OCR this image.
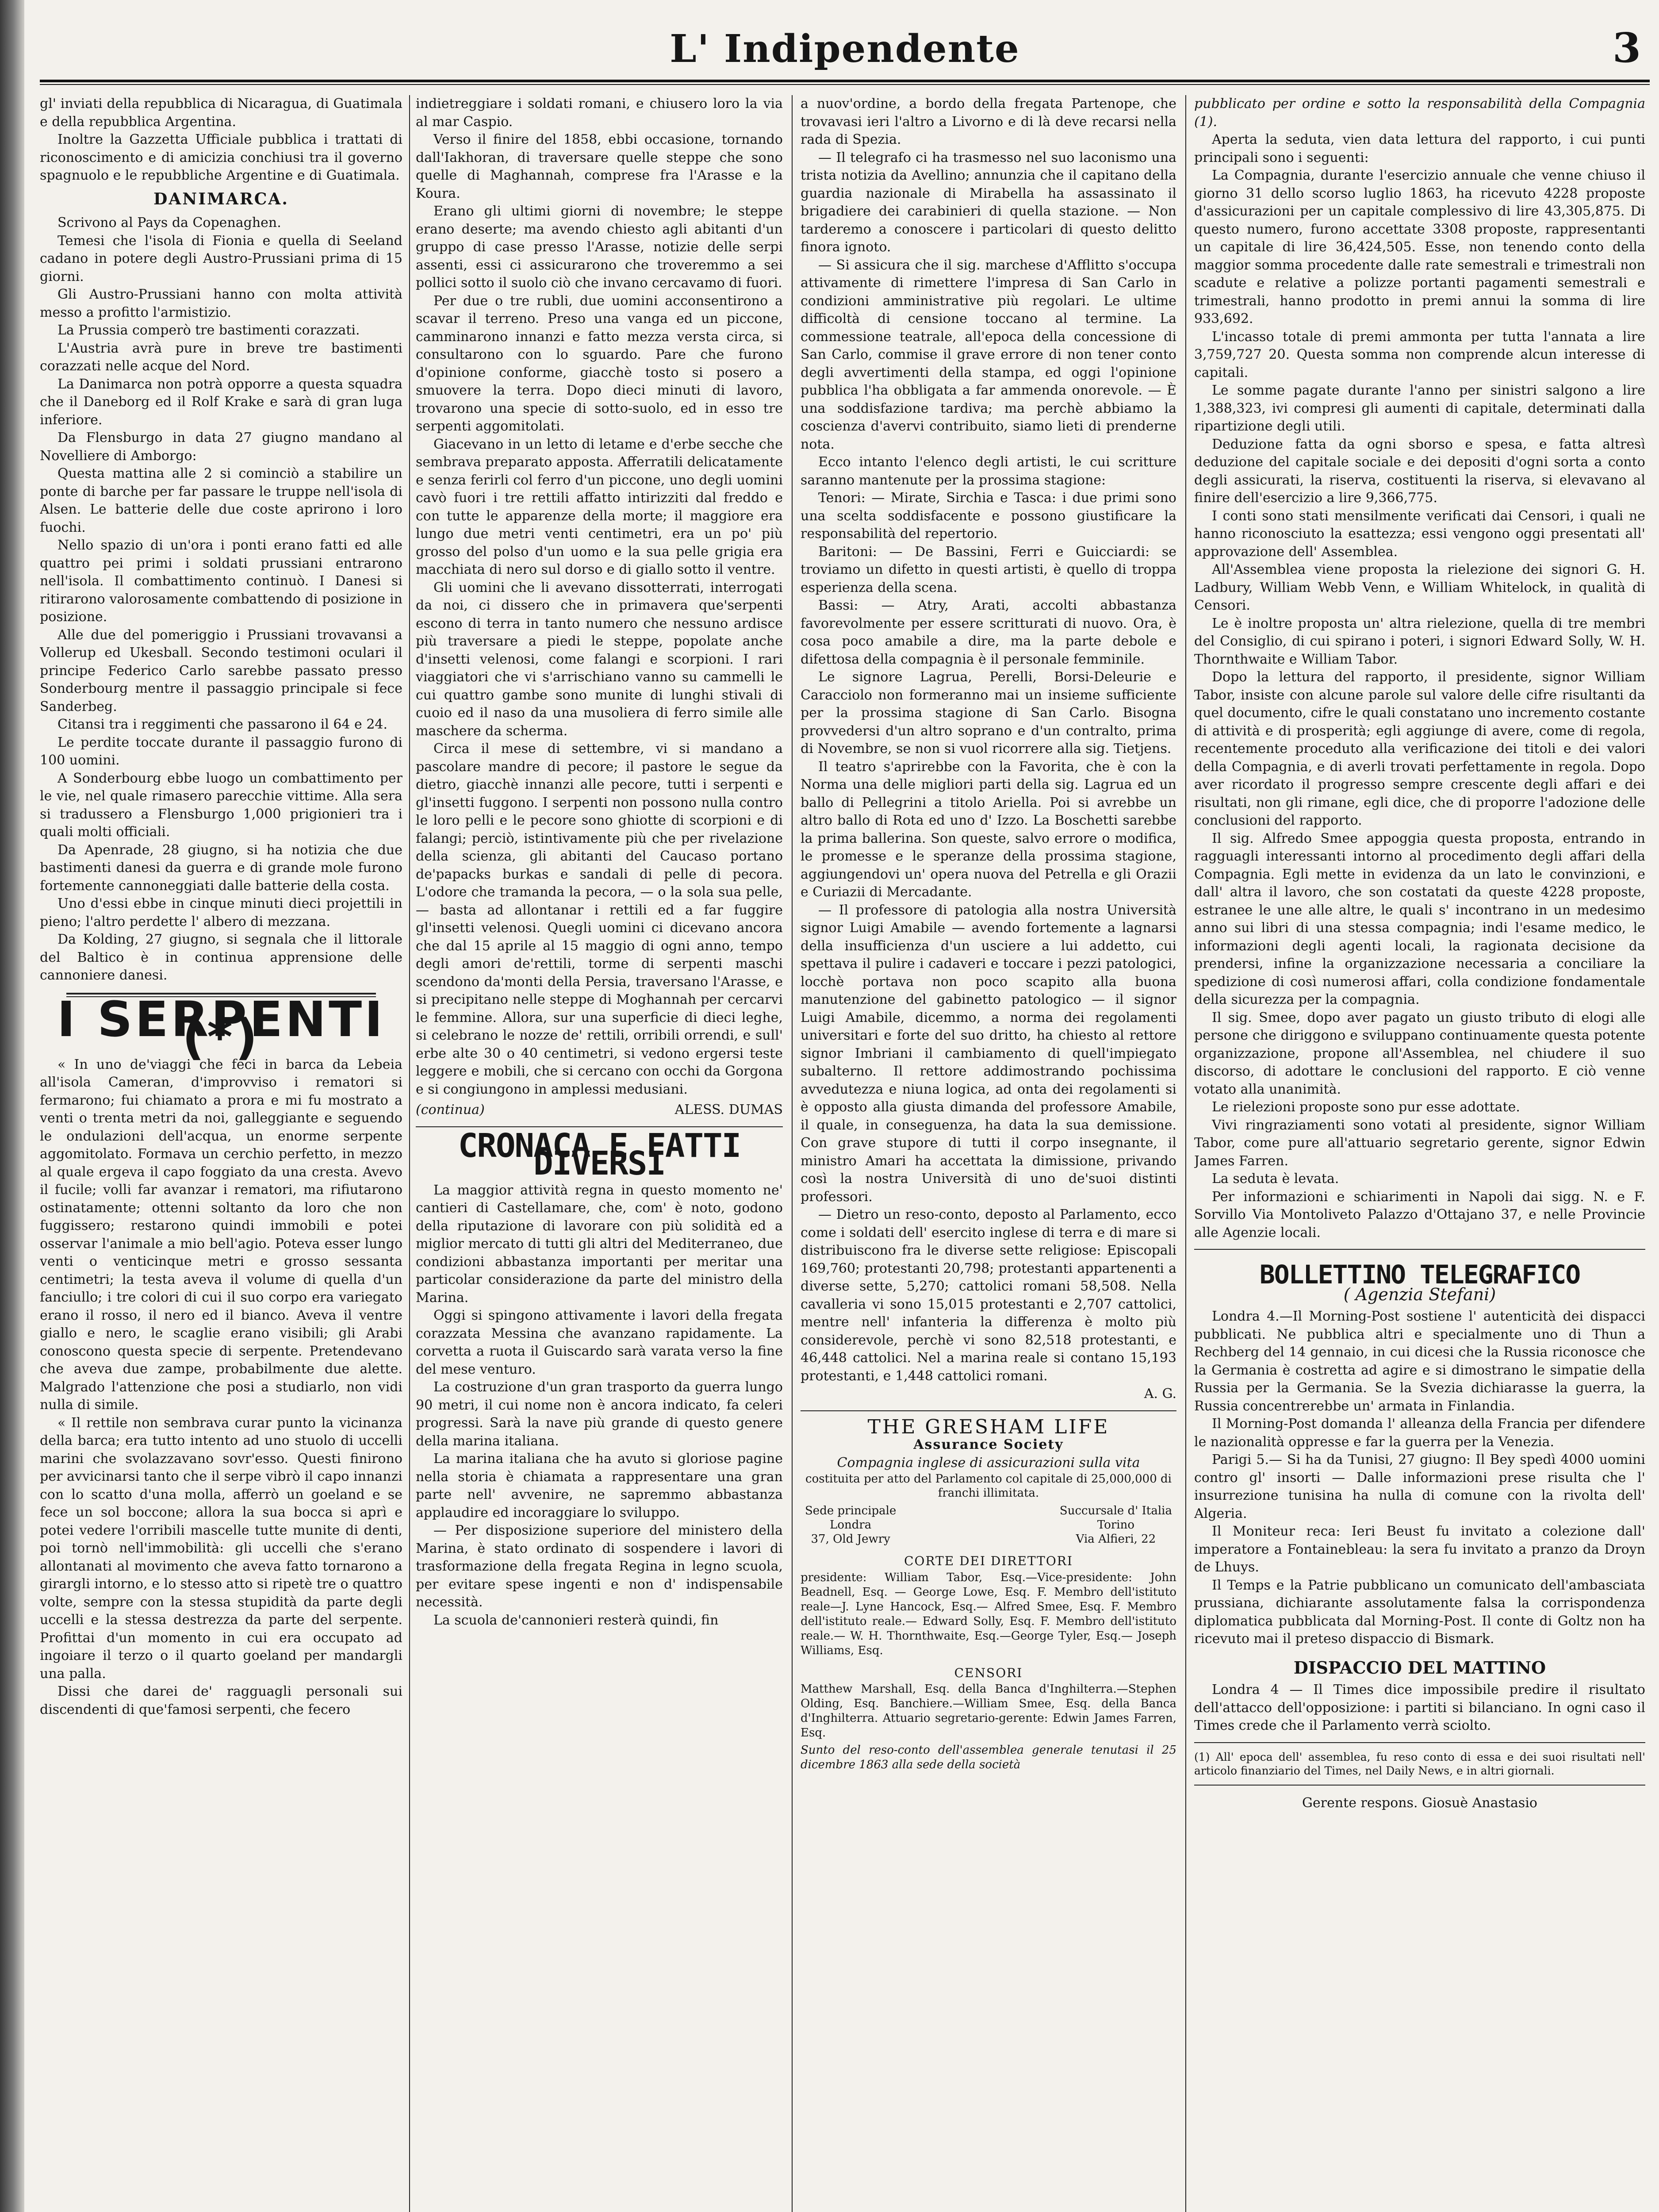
L' Indipendente	3

gl' inviati della repubblica di Nicaragua, di Guatimala e della repubblica Argentina.

Inoltre la Gazzetta Ufficiale pubblica i trattati di riconoscimento e di amicizia conchiusi tra il governo spagnuolo e le repubbliche Argentine e di Guatimala.

DANIMARCA.

Scrivono al Pays da Copenaghen.

Temesi che l'isola di Fionia e quella di Seeland cadano in potere degli Austro-Prussiani prima di 15 giorni.

Gli Austro-Prussiani hanno con molta attività messo a profitto l'armistizio.

La Prussia comperò tre bastimenti corazzati.

L'Austria avrà pure in breve tre bastimenti corazzati nelle acque del Nord.

La Danimarca non potrà opporre a questa squadra che il Daneborg ed il Rolf Krake e sarà di gran luga inferiore.

Da Flensburgo in data 27 giugno mandano al Novelliere di Amborgo:

Questa mattina alle 2 si cominciò a stabilire un ponte di barche per far passare le truppe nell'isola di Alsen. Le batterie delle due coste aprirono i loro fuochi.

Nello spazio di un'ora i ponti erano fatti ed alle quattro pei primi i soldati prussiani entrarono nell'isola. Il combattimento continuò. I Danesi si ritirarono valorosamente combattendo di posizione in posizione.

Alle due del pomeriggio i Prussiani trovavansi a Vollerup ed Ukesball. Secondo testimoni oculari il principe Federico Carlo sarebbe passato presso Sonderbourg mentre il passaggio principale si fece Sanderbeg.

Citansi tra i reggimenti che passarono il 64 e 24.

Le perdite toccate durante il passaggio furono di 100 uomini.

A Sonderbourg ebbe luogo un combattimento per le vie, nel quale rimasero parecchie vittime. Alla sera si tradussero a Flensburgo 1,000 prigionieri tra i quali molti officiali.

Da Apenrade, 28 giugno, si ha notizia che due bastimenti danesi da guerra e di grande mole furono fortemente cannoneggiati dalle batterie della costa.

Uno d'essi ebbe in cinque minuti dieci projettili in pieno; l'altro perdette l' albero di mezzana.

Da Kolding, 27 giugno, si segnala che il littorale del Baltico è in continua apprensione delle cannoniere danesi.

I SERPENTI (*)

« In uno de'viaggi che feci in barca da Lebeia all'isola Cameran, d'improvviso i rematori si fermarono; fui chiamato a prora e mi fu mostrato a venti o trenta metri da noi, galleggiante e seguendo le ondulazioni dell'acqua, un enorme serpente aggomitolato. Formava un cerchio perfetto, in mezzo al quale ergeva il capo foggiato da una cresta. Avevo il fucile; volli far avanzar i rematori, ma rifiutarono ostinatamente; ottenni soltanto da loro che non fuggissero; restarono quindi immobili e potei osservar l'animale a mio bell'agio. Poteva esser lungo venti o venticinque metri e grosso sessanta centimetri; la testa aveva il volume di quella d'un fanciullo; i tre colori di cui il suo corpo era variegato erano il rosso, il nero ed il bianco. Aveva il ventre giallo e nero, le scaglie erano visibili; gli Arabi conoscono questa specie di serpente. Pretendevano che aveva due zampe, probabilmente due alette. Malgrado l'attenzione che posi a studiarlo, non vidi nulla di simile.

« Il rettile non sembrava curar punto la vicinanza della barca; era tutto intento ad uno stuolo di uccelli marini che svolazzavano sovr'esso. Questi finirono per avvicinarsi tanto che il serpe vibrò il capo innanzi con lo scatto d'una molla, afferrò un goeland e se fece un sol boccone; allora la sua bocca si aprì e potei vedere l'orribili mascelle tutte munite di denti, poi tornò nell'immobilità: gli uccelli che s'erano allontanati al movimento che aveva fatto tornarono a girargli intorno, e lo stesso atto si ripetè tre o quattro volte, sempre con la stessa stupidità da parte degli uccelli e la stessa destrezza da parte del serpente. Profittai d'un momento in cui era occupato ad ingoiare il terzo o il quarto goeland per mandargli una palla.

Dissi che darei de' ragguagli personali sui discendenti di que'famosi serpenti, che fecero

indietreggiare i soldati romani, e chiusero loro la via al mar Caspio.

Verso il finire del 1858, ebbi occasione, tornando dall'Iakhoran, di traversare quelle steppe che sono quelle di Maghannah, comprese fra l'Arasse e la Koura.

Erano gli ultimi giorni di novembre; le steppe erano deserte; ma avendo chiesto agli abitanti d'un gruppo di case presso l'Arasse, notizie delle serpi assenti, essi ci assicurarono che troveremmo a sei pollici sotto il suolo ciò che invano cercavamo di fuori.

Per due o tre rubli, due uomini acconsentirono a scavar il terreno. Preso una vanga ed un piccone, camminarono innanzi e fatto mezza versta circa, si consultarono con lo sguardo. Pare che furono d'opinione conforme, giacchè tosto si posero a smuovere la terra. Dopo dieci minuti di lavoro, trovarono una specie di sotto-suolo, ed in esso tre serpenti aggomitolati.

Giacevano in un letto di letame e d'erbe secche che sembrava preparato apposta. Afferratili delicatamente e senza ferirli col ferro d'un piccone, uno degli uomini cavò fuori i tre rettili affatto intirizziti dal freddo e con tutte le apparenze della morte; il maggiore era lungo due metri venti centimetri, era un po' più grosso del polso d'un uomo e la sua pelle grigia era macchiata di nero sul dorso e di giallo sotto il ventre.

Gli uomini che li avevano dissotterrati, interrogati da noi, ci dissero che in primavera que'serpenti escono di terra in tanto numero che nessuno ardisce più traversare a piedi le steppe, popolate anche d'insetti velenosi, come falangi e scorpioni. I rari viaggiatori che vi s'arrischiano vanno su cammelli le cui quattro gambe sono munite di lunghi stivali di cuoio ed il naso da una musoliera di ferro simile alle maschere da scherma.

Circa il mese di settembre, vi si mandano a pascolare mandre di pecore; il pastore le segue da dietro, giacchè innanzi alle pecore, tutti i serpenti e gl'insetti fuggono. I serpenti non possono nulla contro le loro pelli e le pecore sono ghiotte di scorpioni e di falangi; perciò, istintivamente più che per rivelazione della scienza, gli abitanti del Caucaso portano de'papacks burkas e sandali di pelle di pecora. L'odore che tramanda la pecora, — o la sola sua pelle, — basta ad allontanar i rettili ed a far fuggire gl'insetti velenosi. Quegli uomini ci dicevano ancora che dal 15 aprile al 15 maggio di ogni anno, tempo degli amori de'rettili, torme di serpenti maschi scendono da'monti della Persia, traversano l'Arasse, e si precipitano nelle steppe di Moghannah per cercarvi le femmine. Allora, sur una superficie di dieci leghe, si celebrano le nozze de' rettili, orribili orrendi, e sull' erbe alte 30 o 40 centimetri, si vedono ergersi teste leggere e mobili, che si cercano con occhi da Gorgona e si congiungono in amplessi medusiani.

(continua)	ALESS. DUMAS
CRONACA E FATTI DIVERSI

La maggior attività regna in questo momento ne' cantieri di Castellamare, che, com' è noto, godono della riputazione di lavorare con più solidità ed a miglior mercato di tutti gli altri del Mediterraneo, due condizioni abbastanza importanti per meritar una particolar considerazione da parte del ministro della Marina.

Oggi si spingono attivamente i lavori della fregata corazzata Messina che avanzano rapidamente. La corvetta a ruota il Guiscardo sarà varata verso la fine del mese venturo.

La costruzione d'un gran trasporto da guerra lungo 90 metri, il cui nome non è ancora indicato, fa celeri progressi. Sarà la nave più grande di questo genere della marina italiana.

La marina italiana che ha avuto si gloriose pagine nella storia è chiamata a rappresentare una gran parte nell' avvenire, ne sapremmo abbastanza applaudire ed incoraggiare lo sviluppo.

— Per disposizione superiore del ministero della Marina, è stato ordinato di sospendere i lavori di trasformazione della fregata Regina in legno scuola, per evitare spese ingenti e non d' indispensabile necessità.

La scuola de'cannonieri resterà quindi, fin

a nuov'ordine, a bordo della fregata Partenope, che trovavasi ieri l'altro a Livorno e di là deve recarsi nella rada di Spezia.

— Il telegrafo ci ha trasmesso nel suo laconismo una trista notizia da Avellino; annunzia che il capitano della guardia nazionale di Mirabella ha assassinato il brigadiere dei carabinieri di quella stazione. — Non tarderemo a conoscere i particolari di questo delitto finora ignoto.

— Si assicura che il sig. marchese d'Afflitto s'occupa attivamente di rimettere l'impresa di San Carlo in condizioni amministrative più regolari. Le ultime difficoltà di censione toccano al termine. La commessione teatrale, all'epoca della concessione di San Carlo, commise il grave errore di non tener conto degli avvertimenti della stampa, ed oggi l'opinione pubblica l'ha obbligata a far ammenda onorevole. — È una soddisfazione tardiva; ma perchè abbiamo la coscienza d'avervi contribuito, siamo lieti di prenderne nota.

Ecco intanto l'elenco degli artisti, le cui scritture saranno mantenute per la prossima stagione:

Tenori: — Mirate, Sirchia e Tasca: i due primi sono una scelta soddisfacente e possono giustificare la responsabilità del repertorio.

Baritoni: — De Bassini, Ferri e Guicciardi: se troviamo un difetto in questi artisti, è quello di troppa esperienza della scena.

Bassi: — Atry, Arati, accolti abbastanza favorevolmente per essere scritturati di nuovo. Ora, è cosa poco amabile a dire, ma la parte debole e difettosa della compagnia è il personale femminile.

Le signore Lagrua, Perelli, Borsi-Deleurie e Caracciolo non formeranno mai un insieme sufficiente per la prossima stagione di San Carlo. Bisogna provvedersi d'un altro soprano e d'un contralto, prima di Novembre, se non si vuol ricorrere alla sig. Tietjens.

Il teatro s'aprirebbe con la Favorita, che è con la Norma una delle migliori parti della sig. Lagrua ed un ballo di Pellegrini a titolo Ariella. Poi si avrebbe un altro ballo di Rota ed uno d' Izzo. La Boschetti sarebbe la prima ballerina. Son queste, salvo errore o modifica, le promesse e le speranze della prossima stagione, aggiungendovi un' opera nuova del Petrella e gli Orazii e Curiazii di Mercadante.

— Il professore di patologia alla nostra Università signor Luigi Amabile — avendo fortemente a lagnarsi della insufficienza d'un usciere a lui addetto, cui spettava il pulire i cadaveri e toccare i pezzi patologici, locchè portava non poco scapito alla buona manutenzione del gabinetto patologico — il signor Luigi Amabile, dicemmo, a norma dei regolamenti universitari e forte del suo dritto, ha chiesto al rettore signor Imbriani il cambiamento di quell'impiegato subalterno. Il rettore addimostrando pochissima avvedutezza e niuna logica, ad onta dei regolamenti si è opposto alla giusta dimanda del professore Amabile, il quale, in conseguenza, ha data la sua demissione. Con grave stupore di tutti il corpo insegnante, il ministro Amari ha accettata la dimissione, privando così la nostra Università di uno de'suoi distinti professori.

— Dietro un reso-conto, deposto al Parlamento, ecco come i soldati dell' esercito inglese di terra e di mare si distribuiscono fra le diverse sette religiose: Episcopali 169,760; protestanti 20,798; protestanti appartenenti a diverse sette, 5,270; cattolici romani 58,508. Nella cavalleria vi sono 15,015 protestanti e 2,707 cattolici, mentre nell' infanteria la differenza è molto più considerevole, perchè vi sono 82,518 protestanti, e 46,448 cattolici. Nel a marina reale si contano 15,193 protestanti, e 1,448 cattolici romani.

A. G.
THE GRESHAM LIFE
Assurance Society
Compagnia inglese di assicurazioni sulla vita
costituita per atto del Parlamento col capitale di 25,000,000 di franchi illimitata.
Sede principale
Londra
37, Old Jewry
Succursale d' Italia
Torino
Via Alfieri, 22
CORTE DEI DIRETTORI
presidente: William Tabor, Esq.—Vice-presidente: John Beadnell, Esq. — George Lowe, Esq. F. Membro dell'istituto reale—J. Lyne Hancock, Esq.— Alfred Smee, Esq. F. Membro dell'istituto reale.— Edward Solly, Esq. F. Membro dell'istituto reale.— W. H. Thornthwaite, Esq.—George Tyler, Esq.— Joseph Williams, Esq.
CENSORI
Matthew Marshall, Esq. della Banca d'Inghilterra.—Stephen Olding, Esq. Banchiere.—William Smee, Esq. della Banca d'Inghilterra. Attuario segretario-gerente: Edwin James Farren, Esq.
Sunto del reso-conto dell'assemblea generale tenutasi il 25 dicembre 1863 alla sede della società

pubblicato per ordine e sotto la responsabilità della Compagnia (1).

Aperta la seduta, vien data lettura del rapporto, i cui punti principali sono i seguenti:

La Compagnia, durante l'esercizio annuale che venne chiuso il giorno 31 dello scorso luglio 1863, ha ricevuto 4228 proposte d'assicurazioni per un capitale complessivo di lire 43,305,875. Di questo numero, furono accettate 3308 proposte, rappresentanti un capitale di lire 36,424,505. Esse, non tenendo conto della maggior somma procedente dalle rate semestrali e trimestrali non scadute e relative a polizze portanti pagamenti semestrali e trimestrali, hanno prodotto in premi annui la somma di lire 933,692.

L'incasso totale di premi ammonta per tutta l'annata a lire 3,759,727 20. Questa somma non comprende alcun interesse di capitali.

Le somme pagate durante l'anno per sinistri salgono a lire 1,388,323, ivi compresi gli aumenti di capitale, determinati dalla ripartizione degli utili.

Deduzione fatta da ogni sborso e spesa, e fatta altresì deduzione del capitale sociale e dei depositi d'ogni sorta a conto degli assicurati, la riserva, costituenti la riserva, si elevavano al finire dell'esercizio a lire 9,366,775.

I conti sono stati mensilmente verificati dai Censori, i quali ne hanno riconosciuto la esattezza; essi vengono oggi presentati all' approvazione dell' Assemblea.

All'Assemblea viene proposta la rielezione dei signori G. H. Ladbury, William Webb Venn, e William Whitelock, in qualità di Censori.

Le è inoltre proposta un' altra rielezione, quella di tre membri del Consiglio, di cui spirano i poteri, i signori Edward Solly, W. H. Thornthwaite e William Tabor.

Dopo la lettura del rapporto, il presidente, signor William Tabor, insiste con alcune parole sul valore delle cifre risultanti da quel documento, cifre le quali constatano uno incremento costante di attività e di prosperità; egli aggiunge di avere, come di regola, recentemente proceduto alla verificazione dei titoli e dei valori della Compagnia, e di averli trovati perfettamente in regola. Dopo aver ricordato il progresso sempre crescente degli affari e dei risultati, non gli rimane, egli dice, che di proporre l'adozione delle conclusioni del rapporto.

Il sig. Alfredo Smee appoggia questa proposta, entrando in ragguagli interessanti intorno al procedimento degli affari della Compagnia. Egli mette in evidenza da un lato le convinzioni, e dall' altra il lavoro, che son costatati da queste 4228 proposte, estranee le une alle altre, le quali s' incontrano in un medesimo anno sui libri di una stessa compagnia; indi l'esame medico, le informazioni degli agenti locali, la ragionata decisione da prendersi, infine la organizzazione necessaria a conciliare la spedizione di così numerosi affari, colla condizione fondamentale della sicurezza per la compagnia.

Il sig. Smee, dopo aver pagato un giusto tributo di elogi alle persone che diriggono e sviluppano continuamente questa potente organizzazione, propone all'Assemblea, nel chiudere il suo discorso, di adottare le conclusioni del rapporto. E ciò venne votato alla unanimità.

Le rielezioni proposte sono pur esse adottate.

Vivi ringraziamenti sono votati al presidente, signor William Tabor, come pure all'attuario segretario gerente, signor Edwin James Farren.

La seduta è levata.

Per informazioni e schiarimenti in Napoli dai sigg. N. e F. Sorvillo Via Montoliveto Palazzo d'Ottajano 37, e nelle Provincie alle Agenzie locali.

BOLLETTINO TELEGRAFICO
( Agenzia Stefani)

Londra 4.—Il Morning-Post sostiene l' autenticità dei dispacci pubblicati. Ne pubblica altri e specialmente uno di Thun a Rechberg del 14 gennaio, in cui dicesi che la Russia riconosce che la Germania è costretta ad agire e si dimostrano le simpatie della Russia per la Germania. Se la Svezia dichiarasse la guerra, la Russia concentrerebbe un' armata in Finlandia.

Il Morning-Post domanda l' alleanza della Francia per difendere le nazionalità oppresse e far la guerra per la Venezia.

Parigi 5.— Si ha da Tunisi, 27 giugno: Il Bey spedì 4000 uomini contro gl' insorti — Dalle informazioni prese risulta che l' insurrezione tunisina ha nulla di comune con la rivolta dell' Algeria.

Il Moniteur reca: Ieri Beust fu invitato a colezione dall' imperatore a Fontainebleau: la sera fu invitato a pranzo da Droyn de Lhuys.

Il Temps e la Patrie pubblicano un comunicato dell'ambasciata prussiana, dichiarante assolutamente falsa la corrispondenza diplomatica pubblicata dal Morning-Post. Il conte di Goltz non ha ricevuto mai il preteso dispaccio di Bismark.

DISPACCIO DEL MATTINO

Londra 4 — Il Times dice impossibile predire il risultato dell'attacco dell'opposizione: i partiti si bilanciano. In ogni caso il Times crede che il Parlamento verrà sciolto.

(1) All' epoca dell' assemblea, fu reso conto di essa e dei suoi risultati nell' articolo finanziario del Times, nel Daily News, e in altri giornali.
Gerente respons. Giosuè Anastasio
